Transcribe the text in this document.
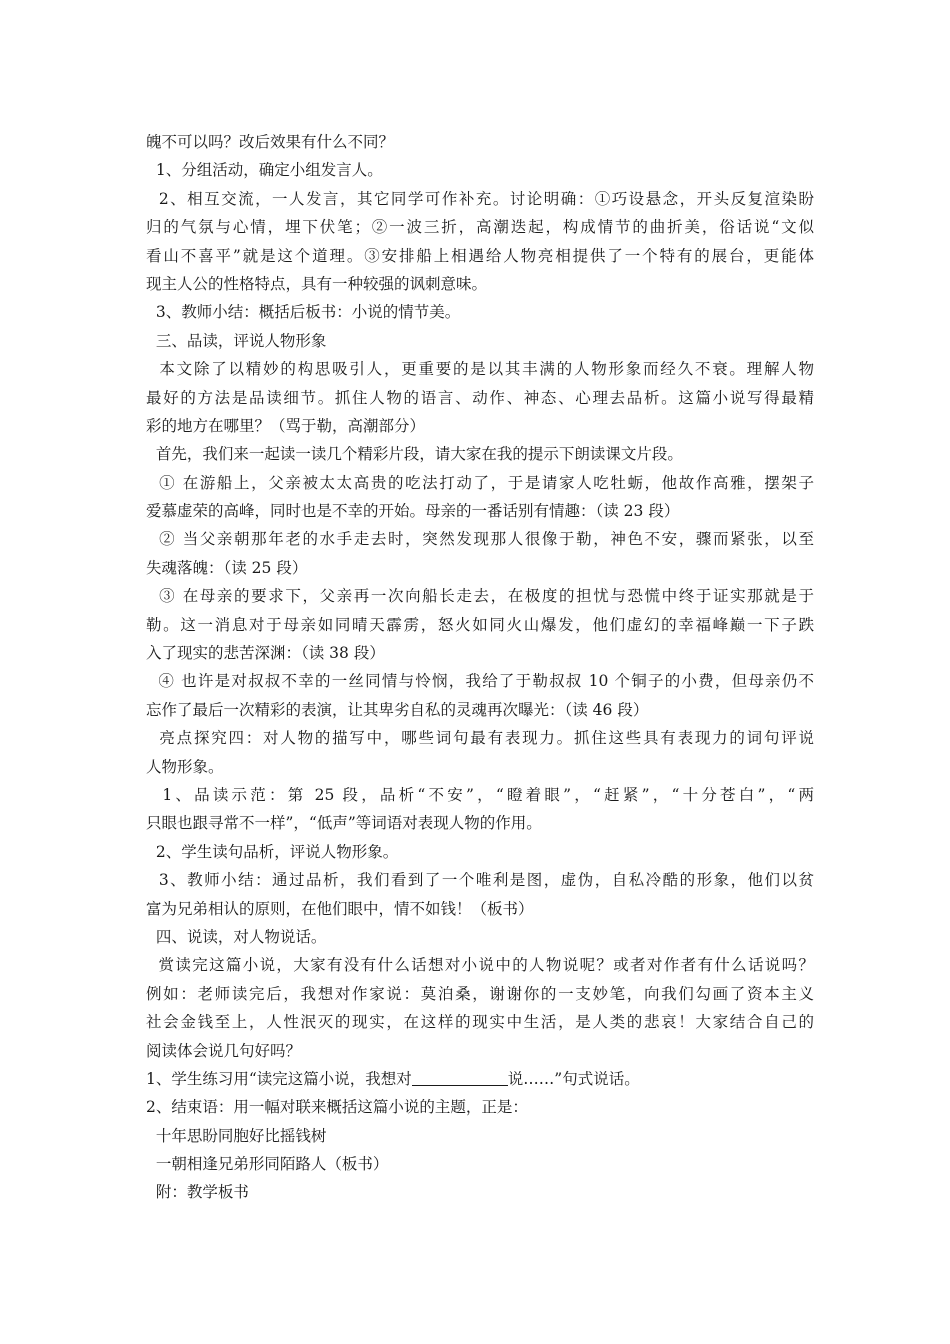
魄不可以吗？改后效果有什么不同？
1、分组活动，确定小组发言人。
2、相互交流，一人发言，其它同学可作补充。讨论明确：①巧设悬念，开头反复渲染盼
归的气氛与心情，埋下伏笔；②一波三折，高潮迭起，构成情节的曲折美，俗话说“文似
看山不喜平”就是这个道理。③安排船上相遇给人物亮相提供了一个特有的展台，更能体
现主人公的性格特点，具有一种较强的讽刺意味。
3、教师小结：概括后板书：小说的情节美。
三、品读，评说人物形象
本文除了以精妙的构思吸引人，更重要的是以其丰满的人物形象而经久不衰。理解人物
最好的方法是品读细节。抓住人物的语言、动作、神态、心理去品析。这篇小说写得最精
彩的地方在哪里？（骂于勒，高潮部分）
首先，我们来一起读一读几个精彩片段，请大家在我的提示下朗读课文片段。
① 在游船上，父亲被太太高贵的吃法打动了，于是请家人吃牡蛎，他故作高雅，摆架子
爱慕虚荣的高峰，同时也是不幸的开始。母亲的一番话别有情趣：（读 23 段）
② 当父亲朝那年老的水手走去时，突然发现那人很像于勒，神色不安，骤而紧张，以至
失魂落魄：（读 25 段）
③ 在母亲的要求下，父亲再一次向船长走去，在极度的担忧与恐慌中终于证实那就是于
勒。这一消息对于母亲如同晴天霹雳，怒火如同火山爆发，他们虚幻的幸福峰巅一下子跌
入了现实的悲苦深渊：（读 38 段）
④ 也许是对叔叔不幸的一丝同情与怜悯，我给了于勒叔叔 10 个铜子的小费，但母亲仍不
忘作了最后一次精彩的表演，让其卑劣自私的灵魂再次曝光：（读 46 段）
亮点探究四：对人物的描写中，哪些词句最有表现力。抓住这些具有表现力的词句评说
人物形象。
1、品读示范：第 25 段，品析“不安”，“瞪着眼”，“赶紧”，“十分苍白”，“两
只眼也跟寻常不一样”，“低声”等词语对表现人物的作用。
2、学生读句品析，评说人物形象。
3、教师小结：通过品析，我们看到了一个唯利是图，虚伪，自私冷酷的形象，他们以贫
富为兄弟相认的原则，在他们眼中，情不如钱！（板书）
四、说读，对人物说话。
赏读完这篇小说，大家有没有什么话想对小说中的人物说呢？或者对作者有什么话说吗？
例如：老师读完后，我想对作家说：莫泊桑，谢谢你的一支妙笔，向我们勾画了资本主义
社会金钱至上，人性泯灭的现实，在这样的现实中生活，是人类的悲哀！大家结合自己的
阅读体会说几句好吗？
1、学生练习用“读完这篇小说，我想对	说……”句式说话。
2、结束语：用一幅对联来概括这篇小说的主题，正是：
十年思盼同胞好比摇钱树
一朝相逢兄弟形同陌路人（板书）
附：教学板书
